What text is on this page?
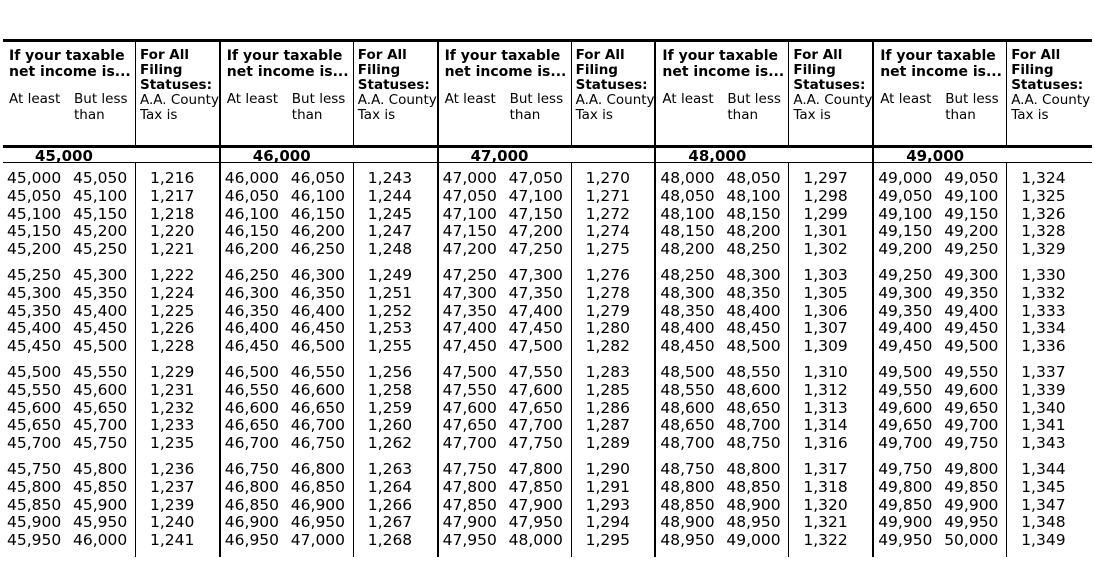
If your taxable net income is...
At least	But less than
For All Filing Statuses:
A.A. County Tax is
45,000
45,000 45,050 1,216
45,050 45,100 1,217
45,100 45,150 1,218
45,150 45,200 1,220
45,200 45,250 1,221
45,250 45,300 1,222
45,300 45,350 1,224
45,350 45,400 1,225
45,400 45,450 1,226
45,450 45,500 1,228
45,500 45,550 1,229
45,550 45,600 1,231
45,600 45,650 1,232
45,650 45,700 1,233
45,700 45,750 1,235
45,750 45,800 1,236
45,800 45,850 1,237
45,850 45,900 1,239
45,900 45,950 1,240
45,950 46,000 1,241
If your taxable net income is...
At least	But less than
For All Filing Statuses:
A.A. County Tax is
46,000
46,000 46,050 1,243
46,050 46,100 1,244
46,100 46,150 1,245
46,150 46,200 1,247
46,200 46,250 1,248
46,250 46,300 1,249
46,300 46,350 1,251
46,350 46,400 1,252
46,400 46,450 1,253
46,450 46,500 1,255
46,500 46,550 1,256
46,550 46,600 1,258
46,600 46,650 1,259
46,650 46,700 1,260
46,700 46,750 1,262
46,750 46,800 1,263
46,800 46,850 1,264
46,850 46,900 1,266
46,900 46,950 1,267
46,950 47,000 1,268
If your taxable net income is...
At least	But less than
For All Filing Statuses:
A.A. County Tax is
47,000
47,000 47,050 1,270
47,050 47,100 1,271
47,100 47,150 1,272
47,150 47,200 1,274
47,200 47,250 1,275
47,250 47,300 1,276
47,300 47,350 1,278
47,350 47,400 1,279
47,400 47,450 1,280
47,450 47,500 1,282
47,500 47,550 1,283
47,550 47,600 1,285
47,600 47,650 1,286
47,650 47,700 1,287
47,700 47,750 1,289
47,750 47,800 1,290
47,800 47,850 1,291
47,850 47,900 1,293
47,900 47,950 1,294
47,950 48,000 1,295
If your taxable net income is...
At least	But less than
For All Filing Statuses:
A.A. County Tax is
48,000
48,000 48,050 1,297
48,050 48,100 1,298
48,100 48,150 1,299
48,150 48,200 1,301
48,200 48,250 1,302
48,250 48,300 1,303
48,300 48,350 1,305
48,350 48,400 1,306
48,400 48,450 1,307
48,450 48,500 1,309
48,500 48,550 1,310
48,550 48,600 1,312
48,600 48,650 1,313
48,650 48,700 1,314
48,700 48,750 1,316
48,750 48,800 1,317
48,800 48,850 1,318
48,850 48,900 1,320
48,900 48,950 1,321
48,950 49,000 1,322
If your taxable net income is...
At least	But less than
For All Filing Statuses:
A.A. County Tax is
49,000
49,000 49,050 1,324
49,050 49,100 1,325
49,100 49,150 1,326
49,150 49,200 1,328
49,200 49,250 1,329
49,250 49,300 1,330
49,300 49,350 1,332
49,350 49,400 1,333
49,400 49,450 1,334
49,450 49,500 1,336
49,500 49,550 1,337
49,550 49,600 1,339
49,600 49,650 1,340
49,650 49,700 1,341
49,700 49,750 1,343
49,750 49,800 1,344
49,800 49,850 1,345
49,850 49,900 1,347
49,900 49,950 1,348
49,950 50,000 1,349
